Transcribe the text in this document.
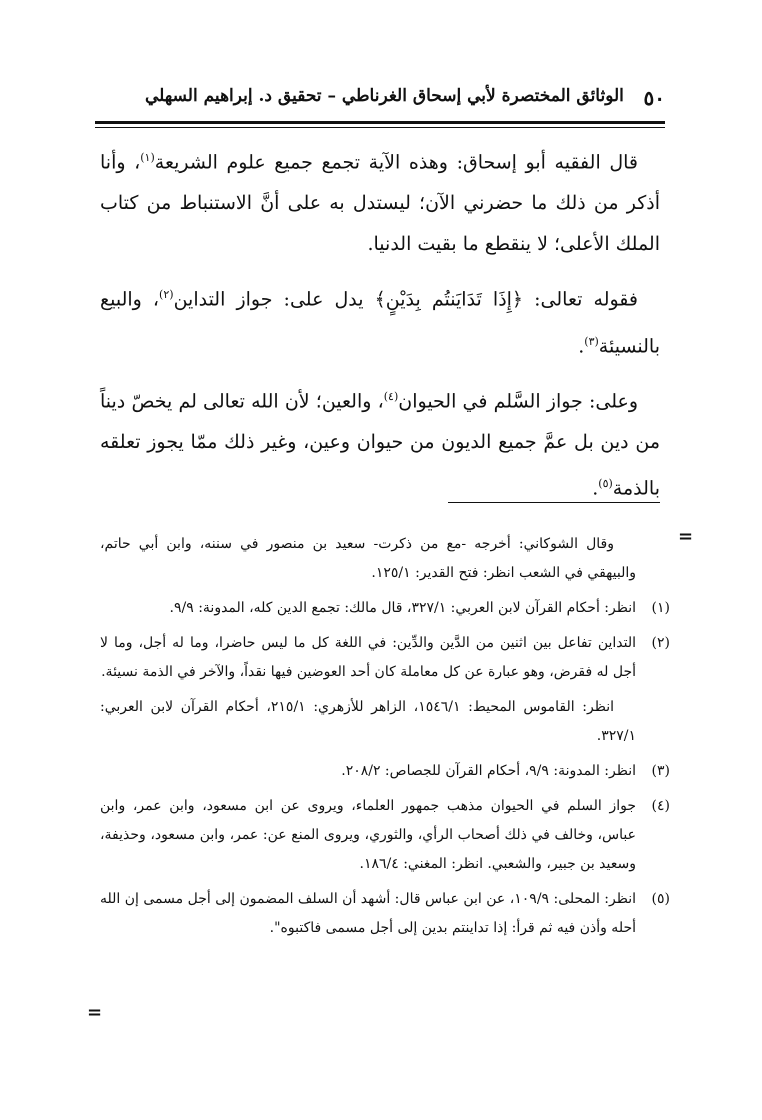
٥٠
الوثائق المختصرة لأبي إسحاق الغرناطي – تحقيق د. إبراهيم السهلي

قال الفقيه أبو إسحاق: وهذه الآية تجمع جميع علوم الشريعة$^{(١)}$، وأنا أذكر من ذلك ما حضرني الآن؛ ليستدل به على أنَّ الاستنباط من كتاب الملك الأعلى؛ لا ينقطع ما بقيت الدنيا.

فقوله تعالى: ﴿إِذَا تَدَايَنتُم بِدَيْنٍ﴾ يدل على: جواز التداين$^{(٢)}$، والبيع بالنسيئة$^{(٣)}$.

وعلى: جواز السَّلم في الحيوان$^{(٤)}$، والعين؛ لأن الله تعالى لم يخصّ ديناً من دين بل عمَّ جميع الديون من حيوان وعين، وغير ذلك ممّا يجوز تعلقه بالذمة$^{(٥)}$.

=
وقال الشوكاني: أخرجه -مع من ذكرت- سعيد بن منصور في سننه، وابن أبي حاتم، والبيهقي في الشعب انظر: فتح القدير: ١٢٥/١.
(١)
انظر: أحكام القرآن لابن العربي: ٣٢٧/١، قال مالك: تجمع الدين كله، المدونة: ٩/٩.
(٢)
التداين تفاعل بين اثنين من الدَّين والدِّين: في اللغة كل ما ليس حاضرا، وما له أجل، وما لا أجل له فقرض، وهو عبارة عن كل معاملة كان أحد العوضين فيها نقداً، والآخر في الذمة نسيئة.
انظر: القاموس المحيط: ١٥٤٦/١، الزاهر للأزهري: ٢١٥/١، أحكام القرآن لابن العربي: ٣٢٧/١.
(٣)
انظر: المدونة: ٩/٩، أحكام القرآن للجصاص: ٢٠٨/٢.
(٤)
جواز السلم في الحيوان مذهب جمهور العلماء، ويروى عن ابن مسعود، وابن عمر، وابن عباس، وخالف في ذلك أصحاب الرأي، والثوري، ويروى المنع عن: عمر، وابن مسعود، وحذيفة، وسعيد بن جبير، والشعبي. انظر: المغني: ١٨٦/٤.
(٥)
انظر: المحلى: ١٠٩/٩، عن ابن عباس قال: أشهد أن السلف المضمون إلى أجل مسمى إن الله أحله وأذن فيه ثم قرأ: إذا تداينتم بدين إلى أجل مسمى فاكتبوه".
=
